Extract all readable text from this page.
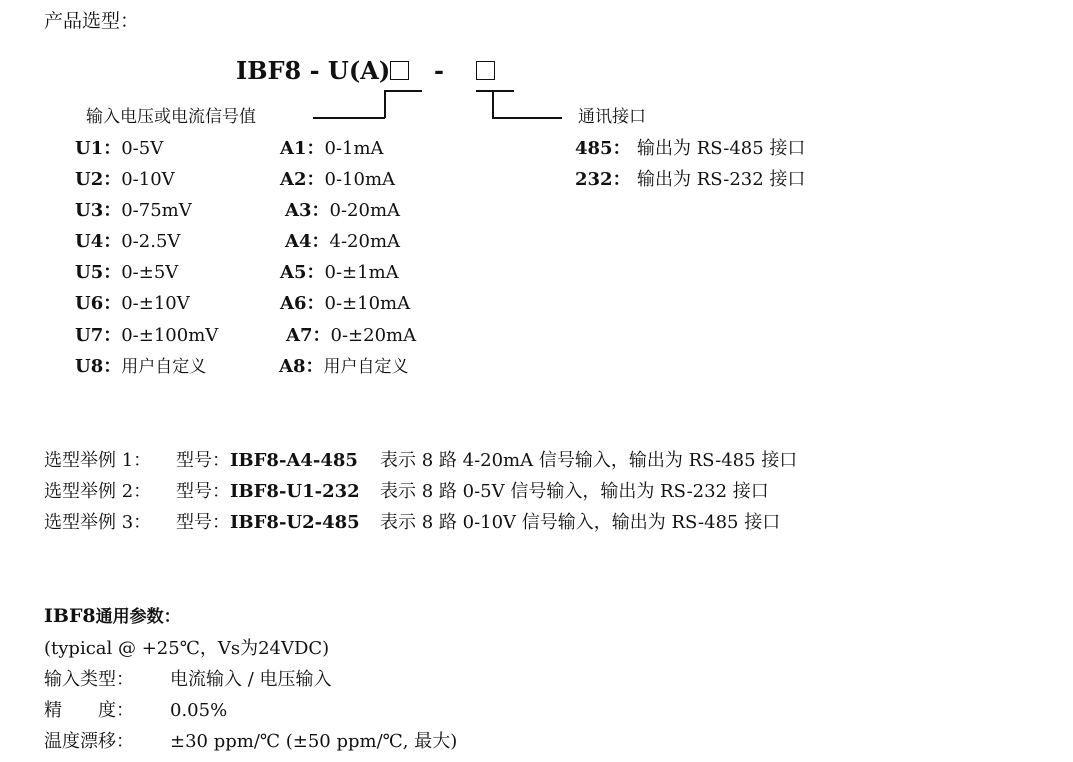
产品选型：
IBF8 - U(A)	-
输入电压或电流信号值	通讯接口
U1：0-5V
U2：0-10V
U3：0-75mV
U4：0-2.5V
U5：0-±5V
U6：0-±10V
U7：0-±100mV
U8：用户自定义
A1：0-1mA
A2：0-10mA
A3：0-20mA
A4：4-20mA
A5：0-±1mA
A6：0-±10mA
A7：0-±20mA
A8：用户自定义
485： 输出为 RS-485 接口
232： 输出为 RS-232 接口
选型举例 1： 型号：IBF8-A4-485 表示 8 路 4-20mA 信号输入，输出为 RS-485 接口
选型举例 2： 型号：IBF8-U1-232 表示 8 路 0-5V 信号输入，输出为 RS-232 接口
选型举例 3： 型号：IBF8-U2-485 表示 8 路 0-10V 信号输入，输出为 RS-485 接口
IBF8通用参数：
(typical @ +25℃，Vs为24VDC)
输入类型： 电流输入 / 电压输入
精　　度： 0.05%
温度漂移： ±30 ppm/℃ (±50 ppm/℃, 最大)
